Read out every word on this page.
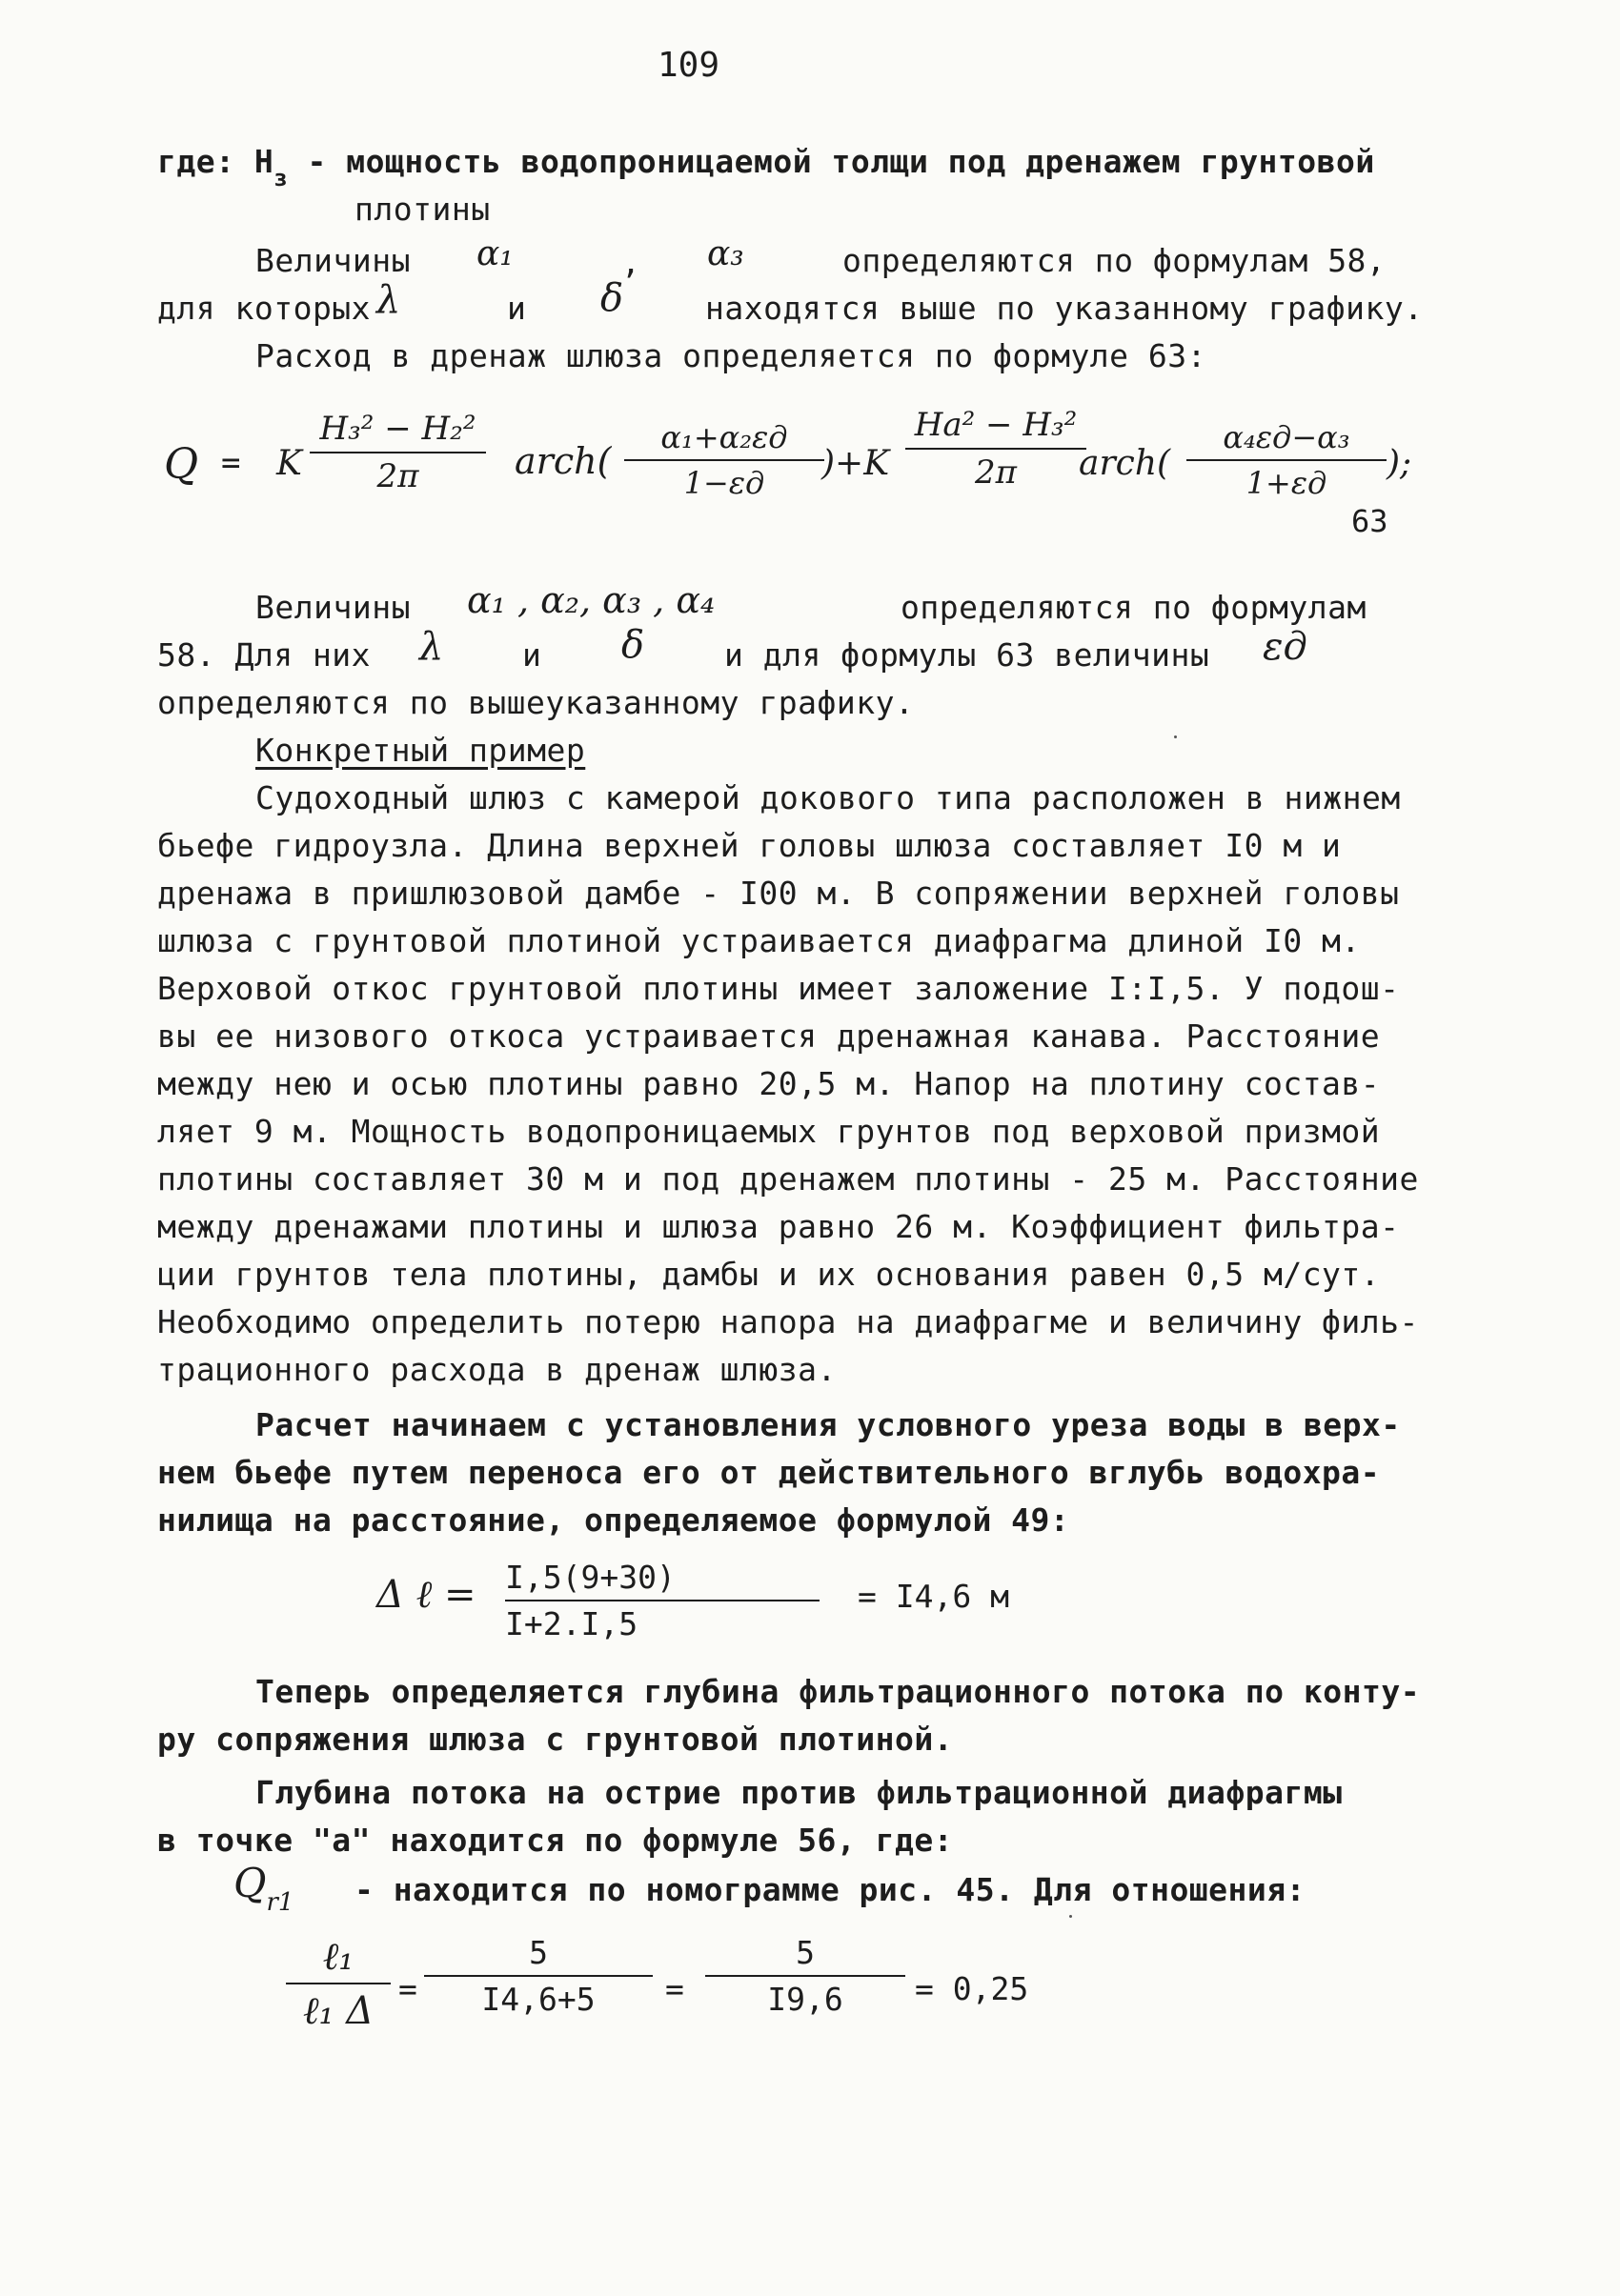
109
где: $Н_з$ - мощность водопроницаемой толщи под дренажем грунтовой
плотины
Величины α₁	, α₃	определяются по формулам 58,
для которых λ	и δ	находятся выше по указанному графику.
Расход в дренаж шлюза определяется по формуле 63:
Q = K
H₃² − H₂²
2π	arch(
α₁+α₂εд
1−εд	)+K
Hа² − H₃²
2π	arch(
α₄εд−α₃
1+εд	);
63
Величины α₁ , α₂, α₃ , α₄	определяются по формулам
58. Для них λ	и δ	и для формулы 63 величины εд
определяются по вышеуказанному графику.
Конкретный пример
Судоходный шлюз с камерой докового типа расположен в нижнем
бьефе гидроузла. Длина верхней головы шлюза составляет I0 м и
дренажа в пришлюзовой дамбе - I00 м. В сопряжении верхней головы
шлюза с грунтовой плотиной устраивается диафрагма длиной I0 м.
Верховой откос грунтовой плотины имеет заложение I:I,5. У подош-
вы ее низового откоса устраивается дренажная канава. Расстояние
между нею и осью плотины равно 20,5 м. Напор на плотину состав-
ляет 9 м. Мощность водопроницаемых грунтов под верховой призмой
плотины составляет 30 м и под дренажем плотины - 25 м. Расстояние
между дренажами плотины и шлюза равно 26 м. Коэффициент фильтра-
ции грунтов тела плотины, дамбы и их основания равен 0,5 м/сут.
Необходимо определить потерю напора на диафрагме и величину филь-
трационного расхода в дренаж шлюза.
Расчет начинаем с установления условного уреза воды в верх-
нем бьефе путем переноса его от действительного вглубь водохра-
нилища на расстояние, определяемое формулой 49:
Δ ℓ = I,5(9+30)
I+2.I,5
= I4,6 м
Теперь определяется глубина фильтрационного потока по конту-
ру сопряжения шлюза с грунтовой плотиной.
Глубина потока на острие против фильтрационной диафрагмы
в точке "а" находится по формуле 56, где:
$Q_{r1}$ - находится по номограмме рис. 45. Для отношения:
ℓ₁
ℓ₁ Δ
=
5
I4,6+5	=
5
I9,6	= 0,25
